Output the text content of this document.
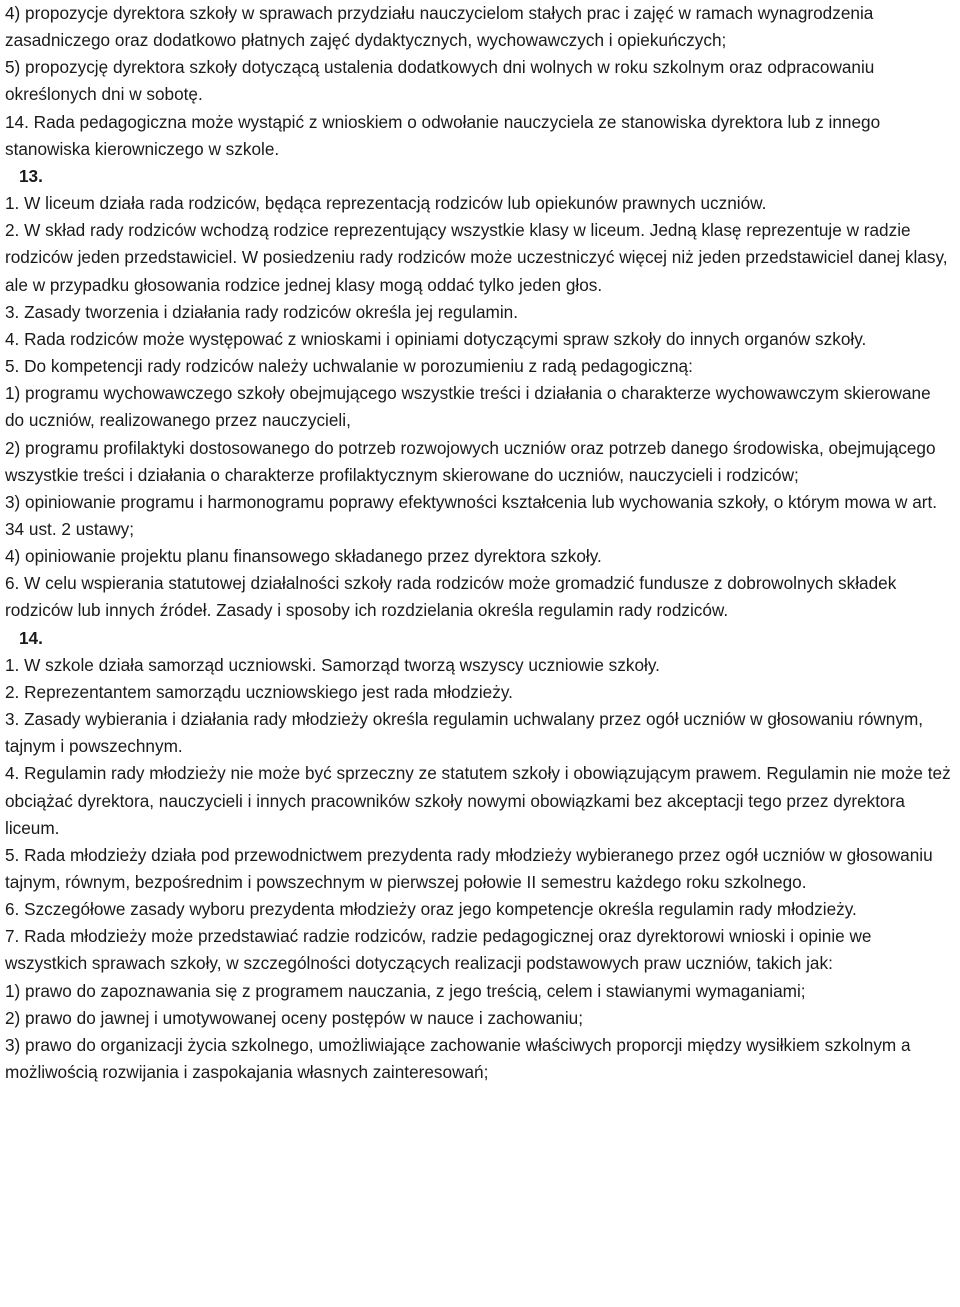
4) propozycje dyrektora szkoły w sprawach przydziału nauczycielom stałych prac i zajęć w ramach wynagrodzenia zasadniczego oraz dodatkowo płatnych zajęć dydaktycznych, wychowawczych i opiekuńczych;

5) propozycję dyrektora szkoły dotyczącą ustalenia dodatkowych dni wolnych w roku szkolnym oraz odpracowaniu określonych dni w sobotę.

14. Rada pedagogiczna może wystąpić z wnioskiem o odwołanie nauczyciela ze stanowiska dyrektora lub z innego stanowiska kierowniczego w szkole.

13.

1. W liceum działa rada rodziców, będąca reprezentacją rodziców lub opiekunów prawnych uczniów.

2. W skład rady rodziców wchodzą rodzice reprezentujący wszystkie klasy w liceum. Jedną klasę reprezentuje w radzie rodziców jeden przedstawiciel. W posiedzeniu rady rodziców może uczestniczyć więcej niż jeden przedstawiciel danej klasy, ale w przypadku głosowania rodzice jednej klasy mogą oddać tylko jeden głos.

3. Zasady tworzenia i działania rady rodziców określa jej regulamin.

4. Rada rodziców może występować z wnioskami i opiniami dotyczącymi spraw szkoły do innych organów szkoły.

5. Do kompetencji rady rodziców należy uchwalanie w porozumieniu z radą pedagogiczną:

1) programu wychowawczego szkoły obejmującego wszystkie treści i działania o charakterze wychowawczym skierowane do uczniów, realizowanego przez nauczycieli,

2) programu profilaktyki dostosowanego do potrzeb rozwojowych uczniów oraz potrzeb danego środowiska, obejmującego wszystkie treści i działania o charakterze profilaktycznym skierowane do uczniów, nauczycieli i rodziców;

3) opiniowanie programu i harmonogramu poprawy efektywności kształcenia lub wychowania szkoły, o którym mowa w art. 34 ust. 2 ustawy;

4) opiniowanie projektu planu finansowego składanego przez dyrektora szkoły.

6. W celu wspierania statutowej działalności szkoły rada rodziców może gromadzić fundusze z dobrowolnych składek rodziców lub innych źródeł. Zasady i sposoby ich rozdzielania określa regulamin rady rodziców.

14.

1. W szkole działa samorząd uczniowski. Samorząd tworzą wszyscy uczniowie szkoły.

2. Reprezentantem samorządu uczniowskiego jest rada młodzieży.

3. Zasady wybierania i działania rady młodzieży określa regulamin uchwalany przez ogół uczniów w głosowaniu równym, tajnym i powszechnym.

4. Regulamin rady młodzieży nie może być sprzeczny ze statutem szkoły i obowiązującym prawem. Regulamin nie może też obciążać dyrektora, nauczycieli i innych pracowników szkoły nowymi obowiązkami bez akceptacji tego przez dyrektora liceum.

5. Rada młodzieży działa pod przewodnictwem prezydenta rady młodzieży wybieranego przez ogół uczniów w głosowaniu tajnym, równym, bezpośrednim i powszechnym w pierwszej połowie II semestru każdego roku szkolnego.

6. Szczegółowe zasady wyboru prezydenta młodzieży oraz jego kompetencje określa regulamin rady młodzieży.

7. Rada młodzieży może przedstawiać radzie rodziców, radzie pedagogicznej oraz dyrektorowi wnioski i opinie we wszystkich sprawach szkoły, w szczególności dotyczących realizacji podstawowych praw uczniów, takich jak:

1) prawo do zapoznawania się z programem nauczania, z jego treścią, celem i stawianymi wymaganiami;

2) prawo do jawnej i umotywowanej oceny postępów w nauce i zachowaniu;

3) prawo do organizacji życia szkolnego, umożliwiające zachowanie właściwych proporcji między wysiłkiem szkolnym a możliwością rozwijania i zaspokajania własnych zainteresowań;
